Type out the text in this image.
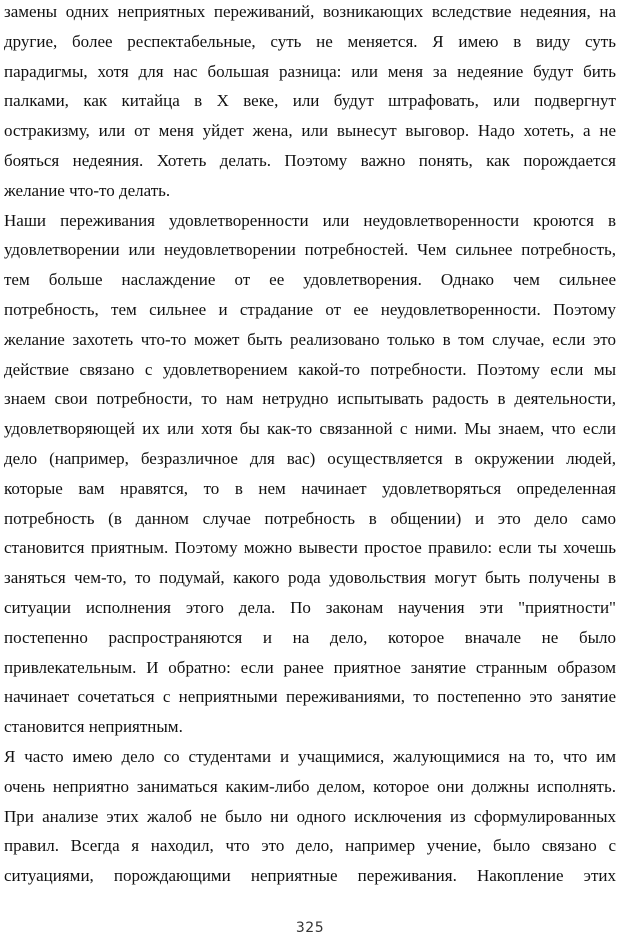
замены одних неприятных переживаний, возникающих вследствие недеяния, на
другие, более респектабельные, суть не меняется. Я имею в виду суть
парадигмы, хотя для нас большая разница: или меня за недеяние будут бить
палками, как китайца в X веке, или будут штрафовать, или подвергнут
остракизму, или от меня уйдет жена, или вынесут выговор. Надо хотеть, а не
бояться недеяния. Хотеть делать. Поэтому важно понять, как порождается
желание что-то делать.
Наши переживания удовлетворенности или неудовлетворенности кроются в
удовлетворении или неудовлетворении потребностей. Чем сильнее потребность,
тем больше наслаждение от ее удовлетворения. Однако чем сильнее
потребность, тем сильнее и страдание от ее неудовлетворенности. Поэтому
желание захотеть что-то может быть реализовано только в том случае, если это
действие связано с удовлетворением какой-то потребности. Поэтому если мы
знаем свои потребности, то нам нетрудно испытывать радость в деятельности,
удовлетворяющей их или хотя бы как-то связанной с ними. Мы знаем, что если
дело (например, безразличное для вас) осуществляется в окружении людей,
которые вам нравятся, то в нем начинает удовлетворяться определенная
потребность (в данном случае потребность в общении) и это дело само
становится приятным. Поэтому можно вывести простое правило: если ты хочешь
заняться чем-то, то подумай, какого рода удовольствия могут быть получены в
ситуации исполнения этого дела. По законам научения эти "приятности"
постепенно распространяются и на дело, которое вначале не было
привлекательным. И обратно: если ранее приятное занятие странным образом
начинает сочетаться с неприятными переживаниями, то постепенно это занятие
становится неприятным.
Я часто имею дело со студентами и учащимися, жалующимися на то, что им
очень неприятно заниматься каким-либо делом, которое они должны исполнять.
При анализе этих жалоб не было ни одного исключения из сформулированных
правил. Всегда я находил, что это дело, например учение, было связано с
ситуациями, порождающими неприятные переживания. Накопление этих
325
